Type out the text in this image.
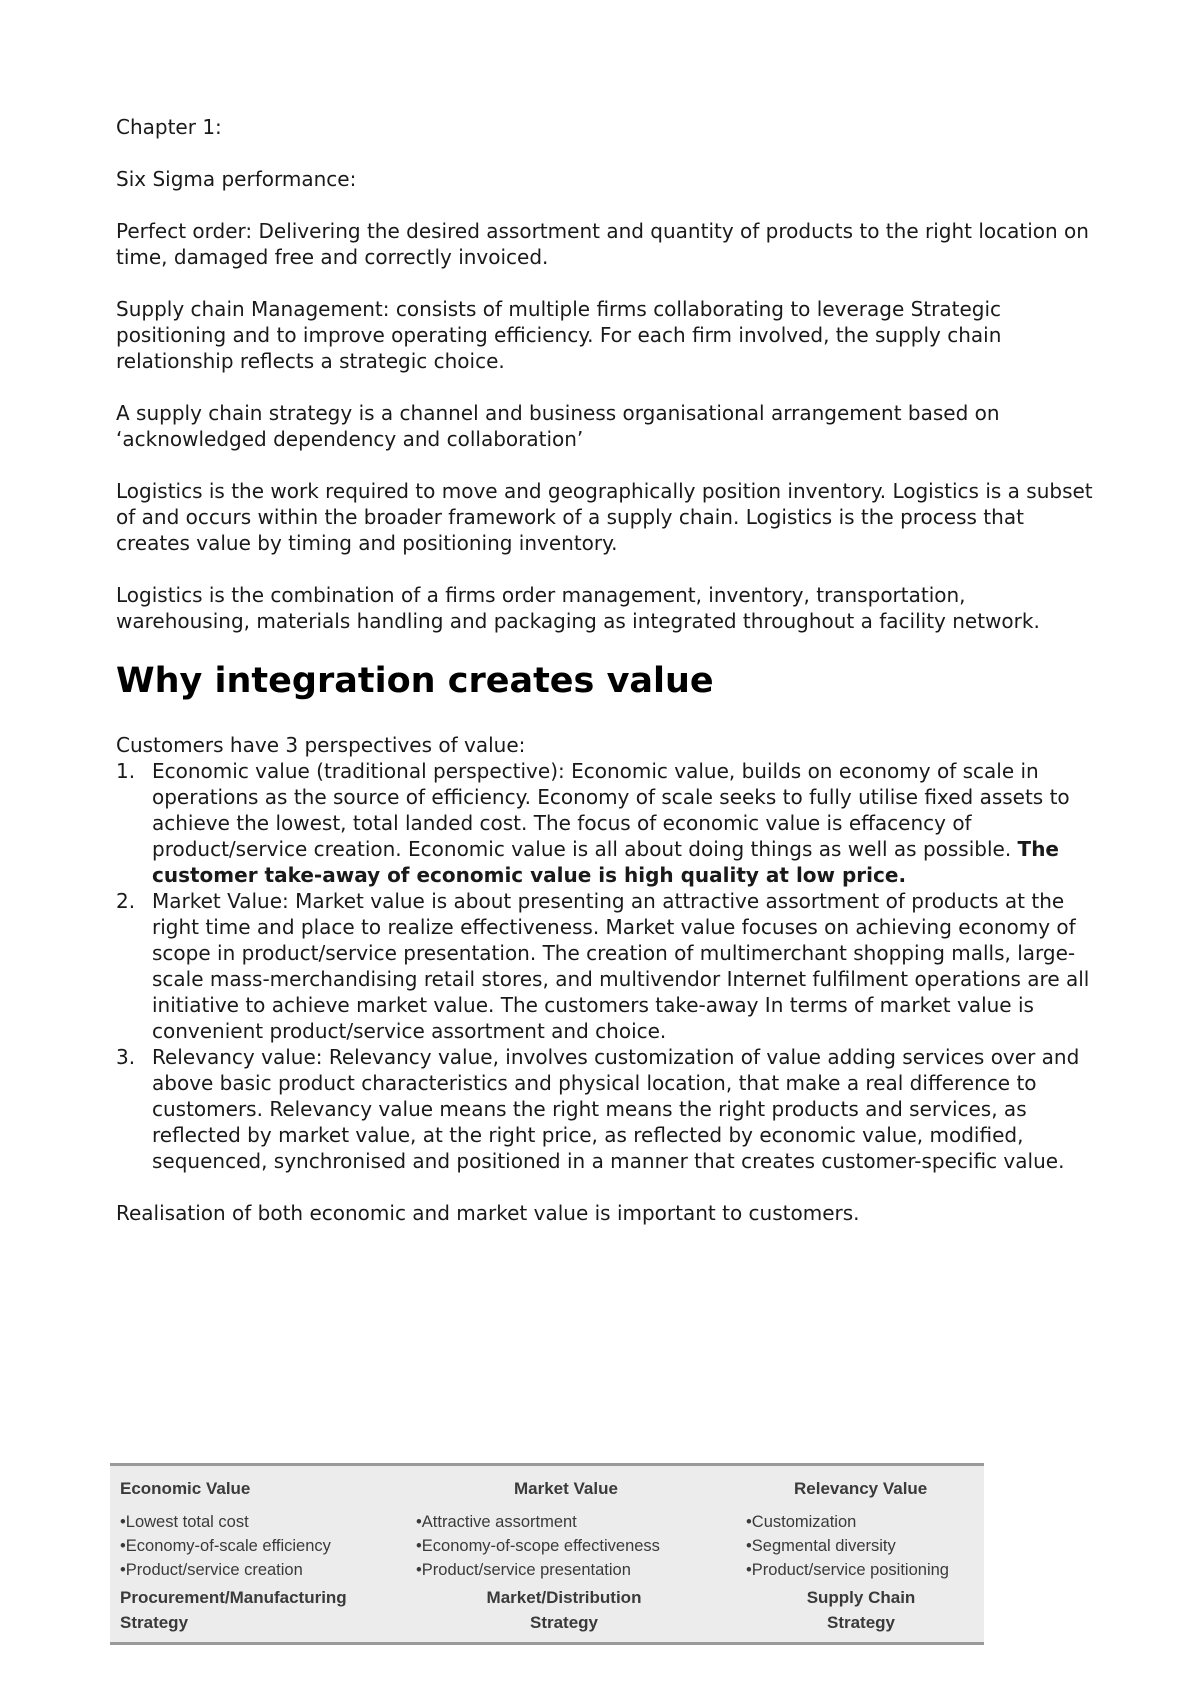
Chapter 1:

Six Sigma performance:

Perfect order: Delivering the desired assortment and quantity of products to the right location on time, damaged free and correctly invoiced.

Supply chain Management: consists of multiple firms collaborating to leverage Strategic positioning and to improve operating efficiency. For each firm involved, the supply chain relationship reflects a strategic choice.

A supply chain strategy is a channel and business organisational arrangement based on ‘acknowledged dependency and collaboration’

Logistics is the work required to move and geographically position inventory. Logistics is a subset of and occurs within the broader framework of a supply chain. Logistics is the process that creates value by timing and positioning inventory.

Logistics is the combination of a firms order management, inventory, transportation, warehousing, materials handling and packaging as integrated throughout a facility network.

Why integration creates value

Customers have 3 perspectives of value:

1. Economic value (traditional perspective): Economic value, builds on economy of scale in operations as the source of efficiency. Economy of scale seeks to fully utilise fixed assets to achieve the lowest, total landed cost. The focus of economic value is effacency of product/service creation. Economic value is all about doing things as well as possible. The customer take-away of economic value is high quality at low price.
2. Market Value: Market value is about presenting an attractive assortment of products at the right time and place to realize effectiveness. Market value focuses on achieving economy of scope in product/service presentation. The creation of multimerchant shopping malls, large-scale mass-merchandising retail stores, and multivendor Internet fulfilment operations are all initiative to achieve market value. The customers take-away In terms of market value is convenient product/service assortment and choice.
3. Relevancy value: Relevancy value, involves customization of value adding services over and above basic product characteristics and physical location, that make a real difference to customers. Relevancy value means the right means the right products and services, as reflected by market value, at the right price, as reflected by economic value, modified, sequenced, synchronised and positioned in a manner that creates customer-specific value.

Realisation of both economic and market value is important to customers.

Economic Value
• Lowest total cost
• Economy-of-scale efficiency
• Product/service creation
Procurement/Manufacturing
Strategy
Market Value
• Attractive assortment
• Economy-of-scope effectiveness
• Product/service presentation
Market/Distribution
Strategy
Relevancy Value
• Customization
• Segmental diversity
• Product/service positioning
Supply Chain
Strategy
